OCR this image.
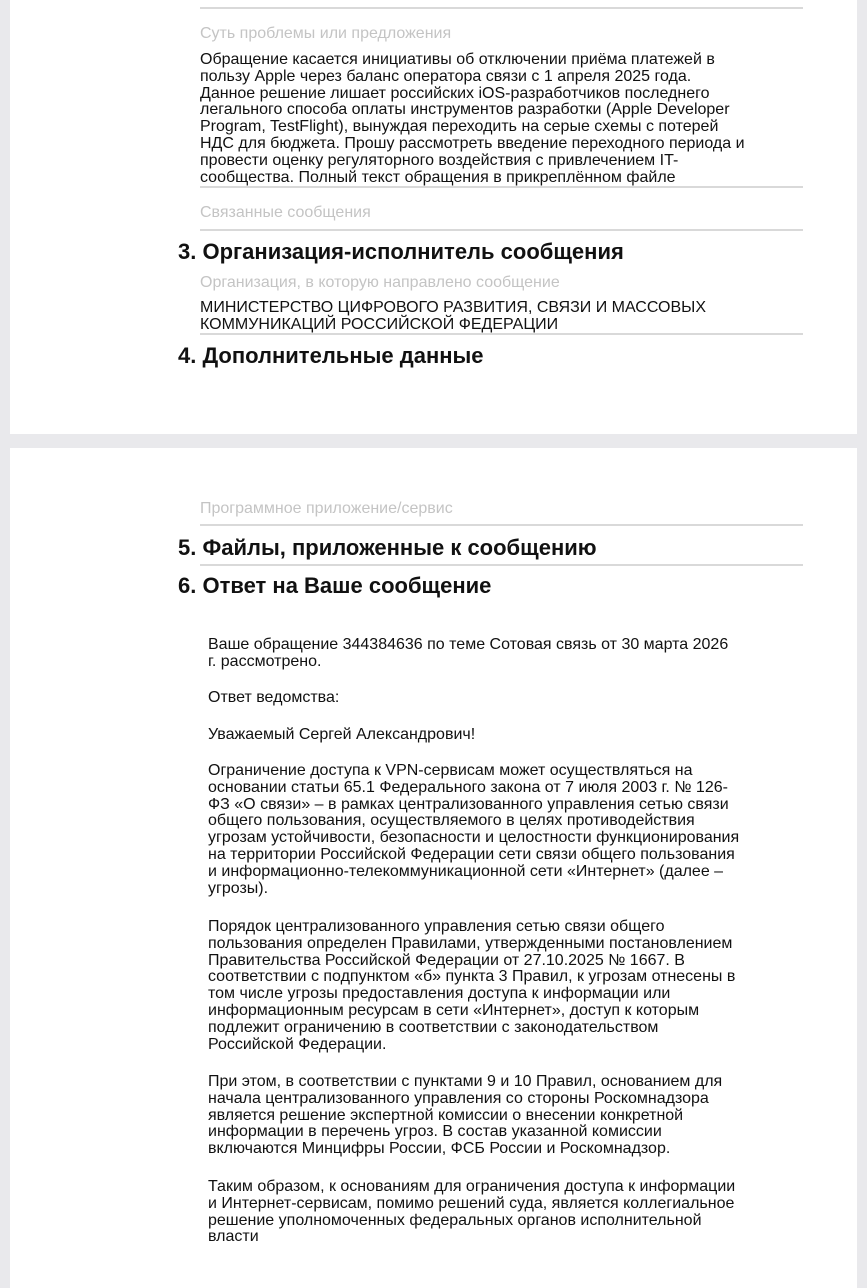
Суть проблемы или предложения
Обращение касается инициативы об отключении приёма платежей в
пользу Apple через баланс оператора связи с 1 апреля 2025 года.
Данное решение лишает российских iOS-разработчиков последнего
легального способа оплаты инструментов разработки (Apple Developer
Program, TestFlight), вынуждая переходить на серые схемы с потерей
НДС для бюджета. Прошу рассмотреть введение переходного периода и
провести оценку регуляторного воздействия с привлечением IT-
сообщества. Полный текст обращения в прикреплённом файле
Связанные сообщения
3. Организация-исполнитель сообщения
Организация, в которую направлено сообщение
МИНИСТЕРСТВО ЦИФРОВОГО РАЗВИТИЯ, СВЯЗИ И МАССОВЫХ
КОММУНИКАЦИЙ РОССИЙСКОЙ ФЕДЕРАЦИИ
4. Дополнительные данные
Программное приложение/сервис
5. Файлы, приложенные к сообщению
6. Ответ на Ваше сообщение
Ваше обращение 344384636 по теме Сотовая связь от 30 марта 2026
г. рассмотрено.
Ответ ведомства:
Уважаемый Сергей Александрович!
Ограничение доступа к VPN-сервисам может осуществляться на
основании статьи 65.1 Федерального закона от 7 июля 2003 г. № 126-
ФЗ «О связи» – в рамках централизованного управления сетью связи
общего пользования, осуществляемого в целях противодействия
угрозам устойчивости, безопасности и целостности функционирования
на территории Российской Федерации сети связи общего пользования
и информационно-телекоммуникационной сети «Интернет» (далее –
угрозы).
Порядок централизованного управления сетью связи общего
пользования определен Правилами, утвержденными постановлением
Правительства Российской Федерации от 27.10.2025 № 1667. В
соответствии с подпунктом «б» пункта 3 Правил, к угрозам отнесены в
том числе угрозы предоставления доступа к информации или
информационным ресурсам в сети «Интернет», доступ к которым
подлежит ограничению в соответствии с законодательством
Российской Федерации.
При этом, в соответствии с пунктами 9 и 10 Правил, основанием для
начала централизованного управления со стороны Роскомнадзора
является решение экспертной комиссии о внесении конкретной
информации в перечень угроз. В состав указанной комиссии
включаются Минцифры России, ФСБ России и Роскомнадзор.
Таким образом, к основаниям для ограничения доступа к информации
и Интернет-сервисам, помимо решений суда, является коллегиальное
решение уполномоченных федеральных органов исполнительной
власти
